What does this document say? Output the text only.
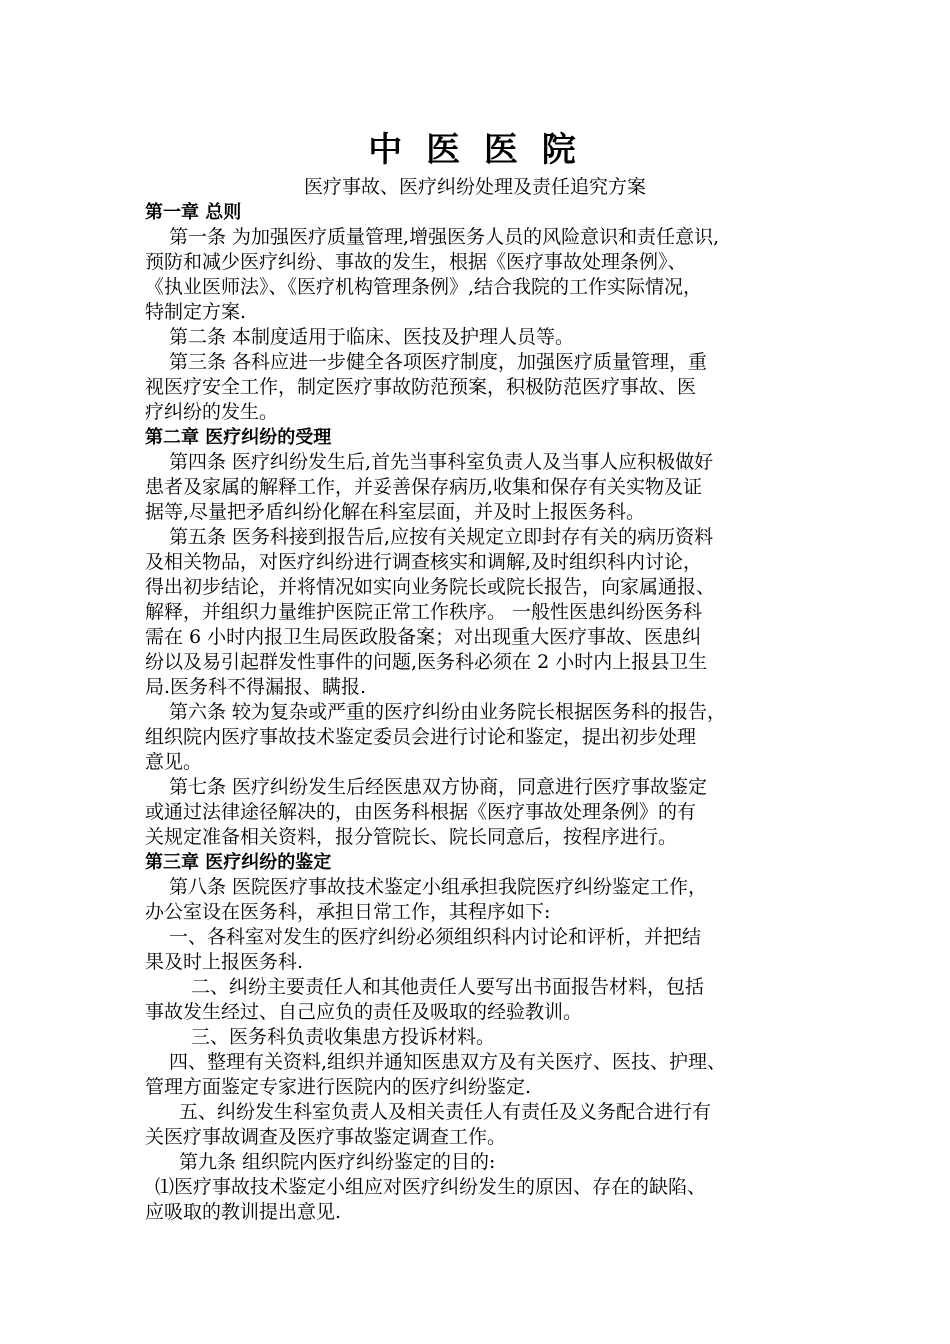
中 医 医 院
医疗事故、医疗纠纷处理及责任追究方案
第一章 总则
第一条 为加强医疗质量管理,增强医务人员的风险意识和责任意识,
预防和减少医疗纠纷、事故的发生，根据《医疗事故处理条例》、
《执业医师法》、《医疗机构管理条例》,结合我院的工作实际情况，
特制定方案.
第二条 本制度适用于临床、医技及护理人员等。
第三条 各科应进一步健全各项医疗制度，加强医疗质量管理，重
视医疗安全工作，制定医疗事故防范预案，积极防范医疗事故、医
疗纠纷的发生。
第二章 医疗纠纷的受理
第四条 医疗纠纷发生后,首先当事科室负责人及当事人应积极做好
患者及家属的解释工作，并妥善保存病历,收集和保存有关实物及证
据等,尽量把矛盾纠纷化解在科室层面，并及时上报医务科。
第五条 医务科接到报告后,应按有关规定立即封存有关的病历资料
及相关物品，对医疗纠纷进行调查核实和调解,及时组织科内讨论，
得出初步结论，并将情况如实向业务院长或院长报告，向家属通报、
解释，并组织力量维护医院正常工作秩序。 一般性医患纠纷医务科
需在 6 小时内报卫生局医政股备案；对出现重大医疗事故、医患纠
纷以及易引起群发性事件的问题,医务科必须在 2 小时内上报县卫生
局.医务科不得漏报、瞒报.
第六条 较为复杂或严重的医疗纠纷由业务院长根据医务科的报告，
组织院内医疗事故技术鉴定委员会进行讨论和鉴定，提出初步处理
意见。
第七条 医疗纠纷发生后经医患双方协商，同意进行医疗事故鉴定
或通过法律途径解决的，由医务科根据《医疗事故处理条例》的有
关规定准备相关资料，报分管院长、院长同意后，按程序进行。
第三章 医疗纠纷的鉴定
第八条 医院医疗事故技术鉴定小组承担我院医疗纠纷鉴定工作，
办公室设在医务科，承担日常工作，其程序如下:
一、各科室对发生的医疗纠纷必须组织科内讨论和评析，并把结
果及时上报医务科.
二、纠纷主要责任人和其他责任人要写出书面报告材料，包括
事故发生经过、自己应负的责任及吸取的经验教训。
三、医务科负责收集患方投诉材料。
四、整理有关资料,组织并通知医患双方及有关医疗、医技、护理、
管理方面鉴定专家进行医院内的医疗纠纷鉴定.
五、纠纷发生科室负责人及相关责任人有责任及义务配合进行有
关医疗事故调查及医疗事故鉴定调查工作。
第九条 组织院内医疗纠纷鉴定的目的:
⑴医疗事故技术鉴定小组应对医疗纠纷发生的原因、存在的缺陷、
应吸取的教训提出意见.
